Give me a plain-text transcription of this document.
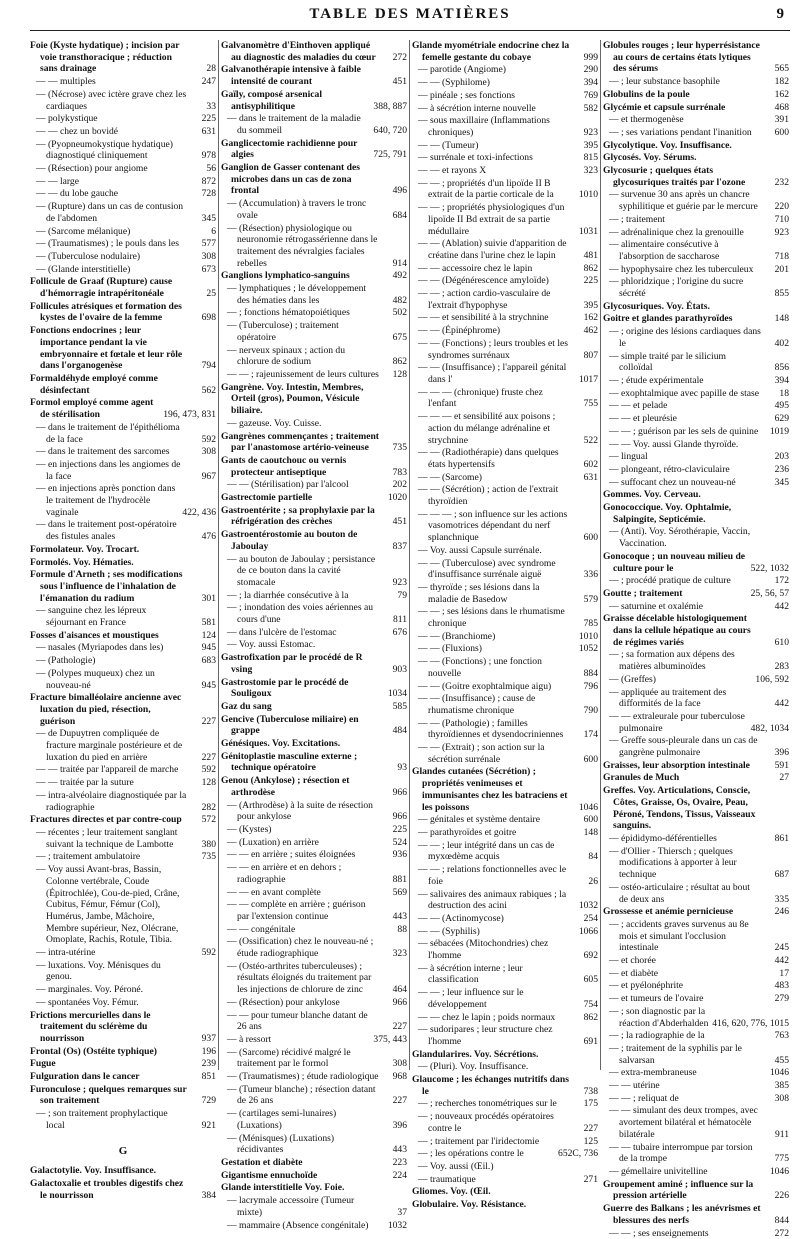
TABLE DES MATIÈRES	9
Foie (Kyste hydatique) ; incision par voie transthoracique ; réduction sans drainage	28
— — multiples	247
— (Nécrose) avec ictère grave chez les cardiaques	33
— polykystique	225
— — chez un bovidé	631
— (Pyopneumokystique hydatique) diagnostiqué cliniquement	978
— (Résection) pour angiome	56
— — large	872
— — du lobe gauche	728
— (Rupture) dans un cas de contusion de l'abdomen	345
— (Sarcome mélanique)	6
— (Traumatismes) ; le pouls dans les	577
— (Tuberculose nodulaire)	308
— (Glande interstitielle)	673
Follicule de Graaf (Rupture) cause d'hémorragie intrapéritonéale	25
Follicules atrésiques et formation des kystes de l'ovaire de la femme	698
Fonctions endocrines ; leur importance pendant la vie embryonnaire et fœtale et leur rôle dans l'organogenèse	794
Formaldéhyde employé comme désinfectant	562
Formol employé comme agent de stérilisation	196, 473, 831
— dans le traitement de l'épithélioma de la face	592
— dans le traitement des sarcomes	308
— en injections dans les angiomes de la face	967
— en injections après ponction dans le traitement de l'hydrocèle vaginale	422, 436
— dans le traitement post-opératoire des fistules anales	476
Formolateur. Voy. Trocart.
Formolés. Voy. Hématies.
Formule d'Arneth ; ses modifications sous l'influence de l'inhalation de l'émanation du radium	301
— sanguine chez les lépreux séjournant en France	581
Fosses d'aisances et moustiques	124
— nasales (Myriapodes dans les)	945
— (Pathologie)	683
— (Polypes muqueux) chez un nouveau-né	945
Fracture bimalléolaire ancienne avec luxation du pied, résection, guérison	227
— de Dupuytren compliquée de fracture marginale postérieure et de luxation du pied en arrière	227
— — traitée par l'appareil de marche	592
— — traitée par la suture	128
— intra-alvéolaire diagnostiquée par la radiographie	282
Fractures directes et par contre-coup	572
— récentes ; leur traitement sanglant suivant la technique de Lambotte	380
— ; traitement ambulatoire	735
— Voy aussi Avant-bras, Bassin, Colonne vertébrale, Coude (Épitrochlée), Cou-de-pied, Crâne, Cubitus, Fémur, Fémur (Col), Humérus, Jambe, Mâchoire, Membre supérieur, Nez, Olécrane, Omoplate, Rachis, Rotule, Tibia.
— intra-utérine	592
— luxations. Voy. Ménisques du genou.
— marginales. Voy. Péroné.
— spontanées Voy. Fémur.
Frictions mercurielles dans le traitement du sclérème du nourrisson	937
Frontal (Os) (Ostéite typhique)	196
Fugue	239
Fulguration dans le cancer	851
Furonculose ; quelques remarques sur son traitement	729
— ; son traitement prophylactique local	921
G
Galactotylie. Voy. Insuffisance.
Galactoxalie et troubles digestifs chez le nourrisson	384
Galvanomètre d'Einthoven appliqué au diagnostic des maladies du cœur	272
Galvanothérapie intensive à faible intensité de courant	451
Gaïly, composé arsenical antisyphilitique	388, 887
— dans le traitement de la maladie du sommeil	640, 720
Ganglicectomie rachidienne pour algies	725, 791
Ganglion de Gasser contenant des microbes dans un cas de zona frontal	496
— (Accumulation) à travers le tronc ovale	684
— (Résection) physiologique ou neuronomie rétrogassérienne dans le traitement des névralgies faciales rebelles	914
Ganglions lymphatico-sanguins	492
— lymphatiques ; le développement des hématies dans les	482
— ; fonctions hématopoiétiques	502
— (Tuberculose) ; traitement opératoire	675
— nerveux spinaux ; action du chlorure de sodium	862
— — ; rajeunissement de leurs cultures	128
Gangrène. Voy. Intestin, Membres, Orteil (gros), Poumon, Vésicule biliaire.
— gazeuse. Voy. Cuisse.
Gangrènes commençantes ; traitement par l'anastomose artério-veineuse	735
Gants de caoutchouc ou vernis protecteur antiseptique	783
— — (Stérilisation) par l'alcool	202
Gastrectomie partielle	1020
Gastroentérite ; sa prophylaxie par la réfrigération des crèches	451
Gastroentérostomie au bouton de Jaboulay	837
— au bouton de Jaboulay ; persistance de ce bouton dans la cavité stomacale	923
— ; la diarrhée consécutive à la	79
— ; inondation des voies aériennes au cours d'une	811
— dans l'ulcère de l'estomac	676
— Voy. aussi Estomac.
Gastrofixation par le procédé de R vsing	903
Gastrostomie par le procédé de Souligoux	1034
Gaz du sang	585
Gencive (Tuberculose miliaire) en grappe	484
Génésiques. Voy. Excitations.
Génitoplastie masculine externe ; technique opératoire	93
Genou (Ankylose) ; résection et arthrodèse	966
— (Arthrodèse) à la suite de résection pour ankylose	966
— (Kystes)	225
— (Luxation) en arrière	524
— — en arrière ; suites éloignées	936
— — en arrière et en dehors ; radiographie	881
— — en avant complète	569
— — complète en arrière ; guérison par l'extension continue	443
— — congénitale	88
— (Ossification) chez le nouveau-né ; étude radiographique	323
— (Ostéo-arthrites tuberculeuses) ; résultats éloignés du traitement par les injections de chlorure de zinc	464
— (Résection) pour ankylose	966
— — pour tumeur blanche datant de 26 ans	227
— à ressort	375, 443
— (Sarcome) récidivé malgré le traitement par le formol	308
— (Traumatismes) ; étude radiologique	968
— (Tumeur blanche) ; résection datant de 26 ans	227
— (cartilages semi-lunaires) (Luxations)	396
— (Ménisques) (Luxations) récidivantes	443
Gestation et diabète	223
Gigantisme ennuchoïde	224
Glande interstitielle Voy. Foie.
— lacrymale accessoire (Tumeur mixte)	37
— mammaire (Absence congénitale)	1032
Glande myométriale endocrine chez la femelle gestante du cobaye	999
— parotide (Angiome)	290
— — (Syphilome)	394
— pinéale ; ses fonctions	769
— à sécrétion interne nouvelle	582
— sous maxillaire (Inflammations chroniques)	923
— — (Tumeur)	395
— surrénale et toxi-infections	815
— — et rayons X	323
— — ; propriétés d'un lipoïde II B extrait de la partie corticale de la	1010
— — ; propriétés physiologiques d'un lipoïde II Bd extrait de sa partie médullaire	1031
— — (Ablation) suivie d'apparition de créatine dans l'urine chez le lapin	481
— — accessoire chez le lapin	862
— — (Dégénérescence amyloïde)	225
— — ; action cardio-vasculaire de l'extrait d'hypophyse	395
— — et sensibilité à la strychnine	162
— — (Épinéphrome)	462
— — (Fonctions) ; leurs troubles et les syndromes surrénaux	807
— — (Insuffisance) ; l'appareil génital dans l'	1017
— — — (chronique) fruste chez l'enfant	755
— — — et sensibilité aux poisons ; action du mélange adrénaline et strychnine	522
— — (Radiothérapie) dans quelques états hypertensifs	602
— — (Sarcome)	631
— — (Sécrétion) ; action de l'extrait thyroïdien
— — — ; son influence sur les actions vasomotrices dépendant du nerf splanchnique	600
— Voy. aussi Capsule surrénale.
— — (Tuberculose) avec syndrome d'insuffisance surrénale aiguë	336
— thyroïde ; ses lésions dans la maladie de Basedow	579
— — ; ses lésions dans le rhumatisme chronique	785
— — (Branchiome)	1010
— — (Fluxions)	1052
— — (Fonctions) ; une fonction nouvelle	884
— — (Goitre exophtalmique aigu)	796
— — (Insuffisance) ; cause de rhumatisme chronique	790
— — (Pathologie) ; familles thyroïdiennes et dysendocriniennes	174
— — (Extrait) ; son action sur la sécrétion surrénale	600
Glandes cutanées (Sécrétion) ; propriétés venimeuses et immunisantes chez les batraciens et les poissons	1046
— génitales et système dentaire	600
— parathyroïdes et goitre	148
— — ; leur intégrité dans un cas de myxœdème acquis	84
— — ; relations fonctionnelles avec le foie	26
— salivaires des animaux rabiques ; la destruction des acini	1032
— — (Actinomycose)	254
— — (Syphilis)	1066
— sébacées (Mitochondries) chez l'homme	692
— à sécrétion interne ; leur classification	605
— — ; leur influence sur le développement	754
— — chez le lapin ; poids normaux	862
— sudoripares ; leur structure chez l'homme	691
Glandularires. Voy. Sécrétions.
— (Pluri). Voy. Insuffisance.
Glaucome ; les échanges nutritifs dans le	738
— ; recherches tonométriques sur le	175
— ; nouveaux procédés opératoires contre le	227
— ; traitement par l'iridectomie	125
— ; les opérations contre le	652C, 736
— Voy. aussi (Œil.)
— traumatique	271
Gliomes. Voy. (Œil.
Globulaire. Voy. Résistance.
Globules rouges ; leur hyperrésistance au cours de certains états lytiques des sérums	565
— ; leur substance basophile	182
Globulins de la poule	162
Glycémie et capsule surrénale	468
— et thermogenèse	391
— ; ses variations pendant l'inanition	600
Glycolytique. Voy. Insuffisance.
Glycosés. Voy. Sérums.
Glycosurie ; quelques états glycosuriques traités par l'ozone	232
— survenue 30 ans après un chancre syphilitique et guérie par le mercure	220
— ; traitement	710
— adrénalinique chez la grenouille	923
— alimentaire consécutive à l'absorption de saccharose	718
— hypophysaire chez les tuberculeux	201
— phloridzique ; l'origine du sucre sécrété	855
Glycosuriques. Voy. États.
Goitre et glandes parathyroïdes	148
— ; origine des lésions cardiaques dans le	402
— simple traité par le silicium colloïdal	856
— ; étude expérimentale	394
— exophtalmique avec papille de stase	18
— — et pelade	495
— — et pleurésie	629
— — ; guérison par les sels de quinine	1019
— — Voy. aussi Glande thyroïde.
— lingual	203
— plongeant, rétro-claviculaire	236
— suffocant chez un nouveau-né	345
Gommes. Voy. Cerveau.
Gonococcique. Voy. Ophtalmie, Salpingite, Septicémie.
— (Anti). Voy. Sérothérapie, Vaccin, Vaccination.
Gonocoque ; un nouveau milieu de culture pour le	522, 1032
— ; procédé pratique de culture	172
Goutte ; traitement	25, 56, 57
— saturnine et oxalémie	442
Graisse décelable histologiquement dans la cellule hépatique au cours de régimes variés	610
— ; sa formation aux dépens des matières albuminoïdes	283
— (Greffes)	106, 592
— appliquée au traitement des difformités de la face	442
— — extraleurale pour tuberculose pulmonaire	482, 1034
— Greffe sous-pleurale dans un cas de gangrène pulmonaire	396
Graisses, leur absorption intestinale	591
Granules de Much	27
Greffes. Voy. Articulations, Conscie, Côtes, Graisse, Os, Ovaire, Peau, Péroné, Tendons, Tissus, Vaisseaux sanguins.
— épididymo-déférentielles	861
— d'Ollier - Thiersch ; quelques modifications à apporter à leur technique	687
— ostéo-articulaire ; résultat au bout de deux ans	335
Grossesse et anémie pernicieuse	246
— ; accidents graves survenus au 8e mois et simulant l'occlusion intestinale	245
— et chorée	442
— et diabète	17
— et pyélonéphrite	483
— et tumeurs de l'ovaire	279
— ; son diagnostic par la réaction d'Abderhalden 416, 620, 776, 1015
— ; la radiographie de la	763
— ; traitement de la syphilis par le salvarsan	455
— extra-membraneuse	1046
— — utérine	385
— — ; reliquat de	308
— — simulant des deux trompes, avec avortement bilatéral et hématocèle bilatérale	911
— — tubaire interrompue par torsion de la trompe	775
— gémellaire univitelline	1046
Groupement aminé ; influence sur la pression artérielle	226
Guerre des Balkans ; les anévrismes et blessures des nerfs	844
— — ; ses enseignements	272
